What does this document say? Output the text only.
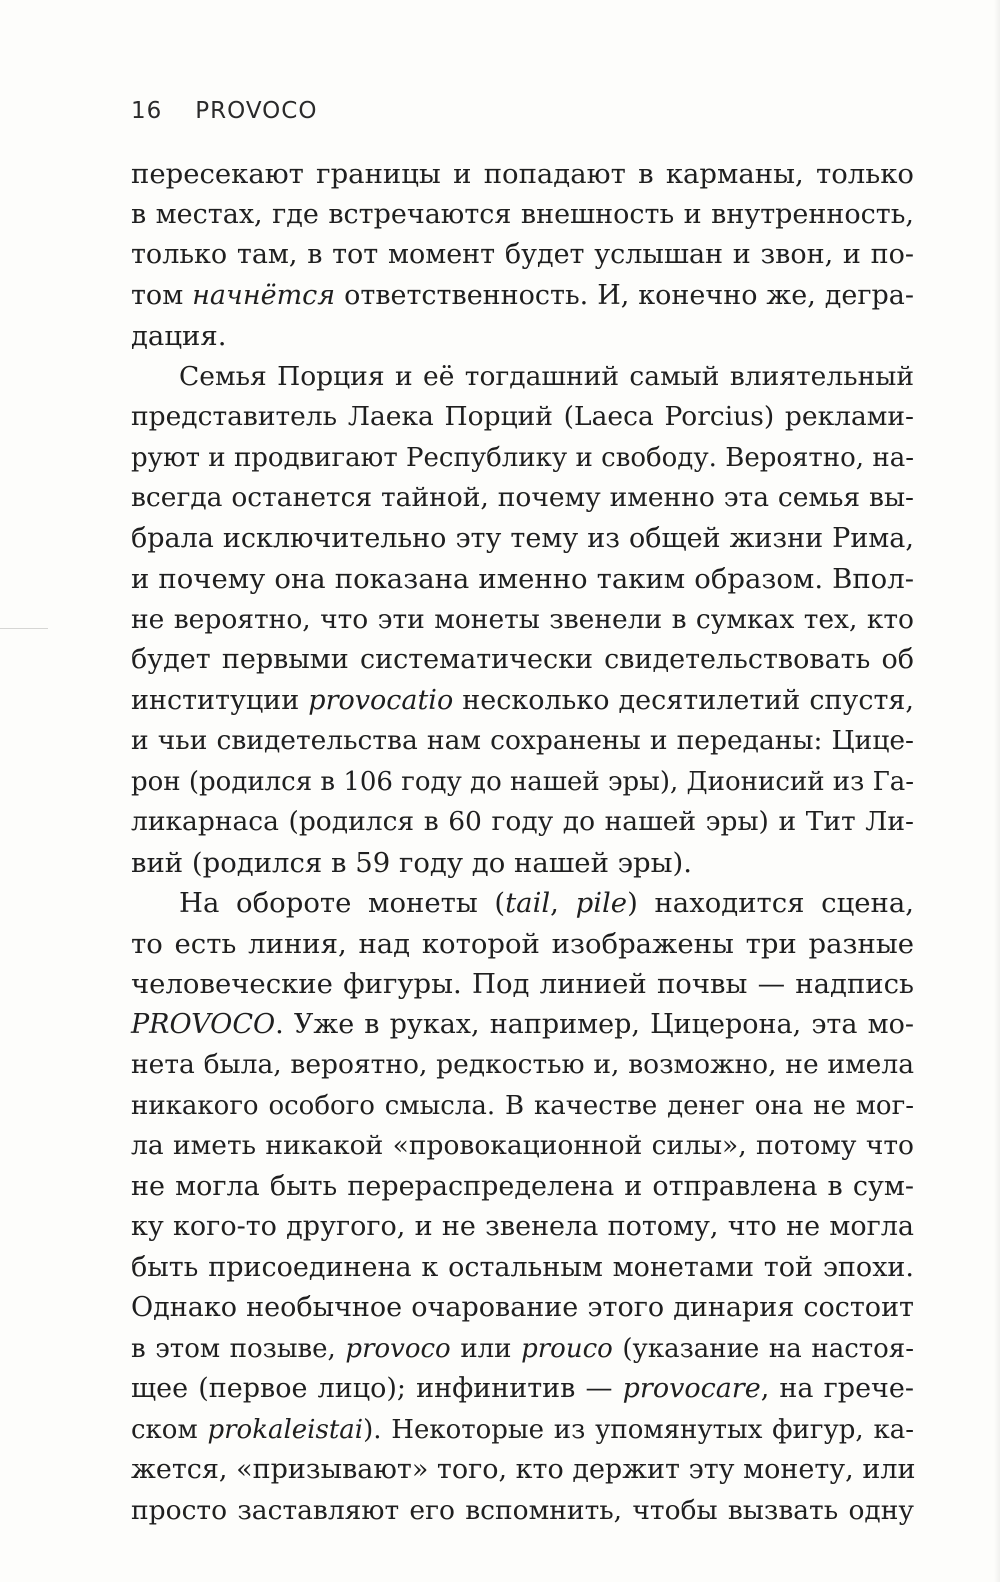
16 PROVOCO
пересекают границы и попадают в карманы, только
в местах, где встречаются внешность и внутренность,
только там, в тот момент будет услышан и звон, и по-
том начнётся ответственность. И, конечно же, дегра-
дация.
Семья Порция и её тогдашний самый влиятельный
представитель Лаека Порций (Laeca Porcius) реклами-
руют и продвигают Республику и свободу. Вероятно, на-
всегда останется тайной, почему именно эта семья вы-
брала исключительно эту тему из общей жизни Рима,
и почему она показана именно таким образом. Впол-
не вероятно, что эти монеты звенели в сумках тех, кто
будет первыми систематически свидетельствовать об
институции provocatio несколько десятилетий спустя,
и чьи свидетельства нам сохранены и переданы: Цице-
рон (родился в 106 году до нашей эры), Дионисий из Га-
ликарнаса (родился в 60 году до нашей эры) и Тит Ли-
вий (родился в 59 году до нашей эры).
На обороте монеты (tail, pile) находится сцена,
то есть линия, над которой изображены три разные
человеческие фигуры. Под линией почвы — надпись
PROVOCO. Уже в руках, например, Цицерона, эта мо-
нета была, вероятно, редкостью и, возможно, не имела
никакого особого смысла. В качестве денег она не мог-
ла иметь никакой «провокационной силы», потому что
не могла быть перераспределена и отправлена в сум-
ку кого-то другого, и не звенела потому, что не могла
быть присоединена к остальным монетами той эпохи.
Однако необычное очарование этого динария состоит
в этом позыве, provoco или prouco (указание на настоя-
щее (первое лицо); инфинитив — provocare, на грече-
ском prokaleistai). Некоторые из упомянутых фигур, ка-
жется, «призывают» того, кто держит эту монету, или
просто заставляют его вспомнить, чтобы вызвать одну
